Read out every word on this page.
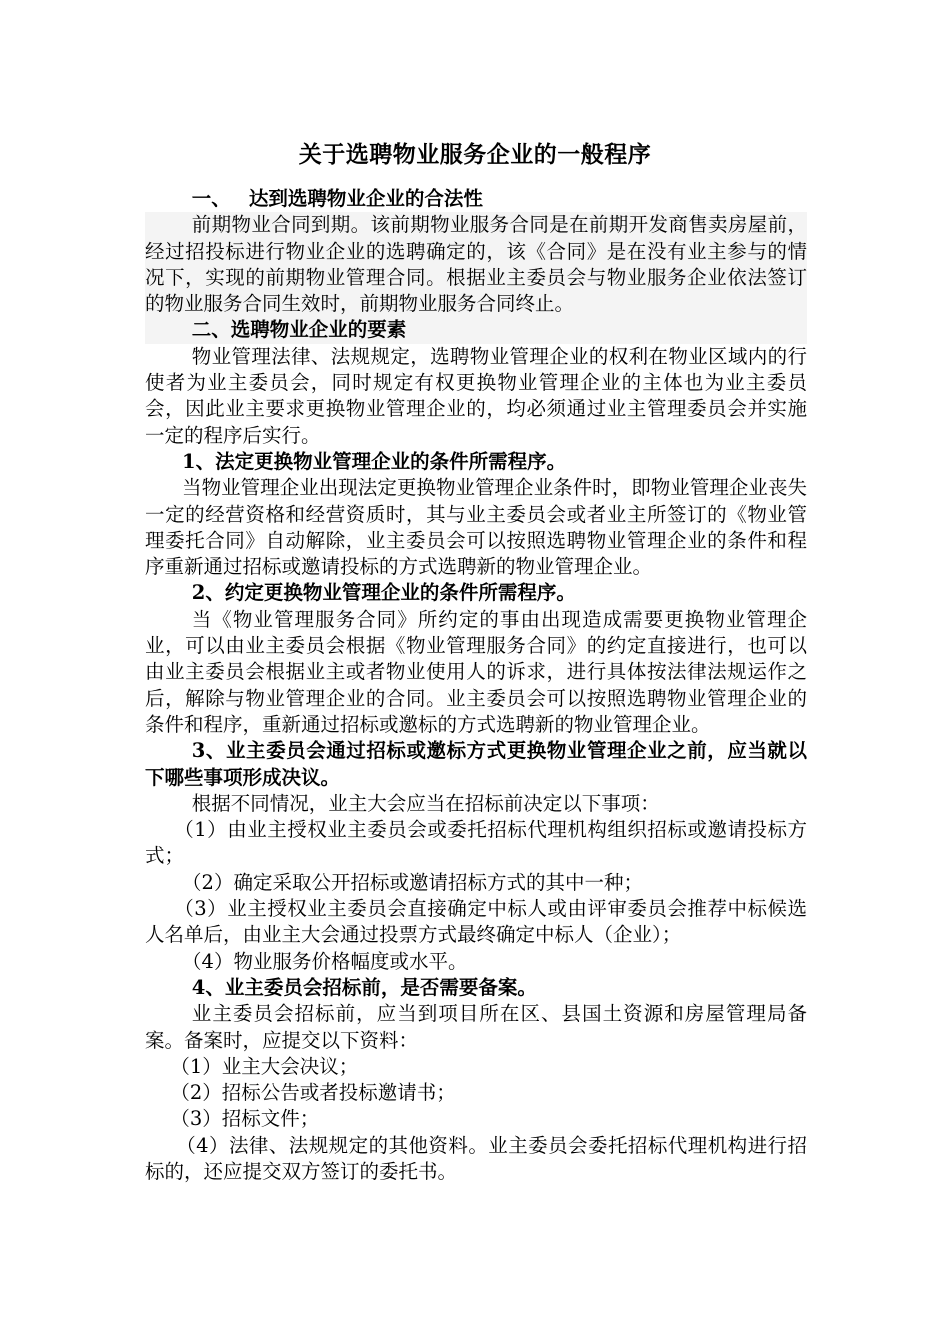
关于选聘物业服务企业的一般程序

一、 达到选聘物业企业的合法性

前期物业合同到期。该前期物业服务合同是在前期开发商售卖房屋前，经过招投标进行物业企业的选聘确定的，该《合同》是在没有业主参与的情况下，实现的前期物业管理合同。根据业主委员会与物业服务企业依法签订的物业服务合同生效时，前期物业服务合同终止。

二、选聘物业企业的要素

物业管理法律、法规规定，选聘物业管理企业的权利在物业区域内的行使者为业主委员会，同时规定有权更换物业管理企业的主体也为业主委员会，因此业主要求更换物业管理企业的，均必须通过业主管理委员会并实施一定的程序后实行。

1、法定更换物业管理企业的条件所需程序。

当物业管理企业出现法定更换物业管理企业条件时，即物业管理企业丧失一定的经营资格和经营资质时，其与业主委员会或者业主所签订的《物业管理委托合同》自动解除，业主委员会可以按照选聘物业管理企业的条件和程序重新通过招标或邀请投标的方式选聘新的物业管理企业。

2、约定更换物业管理企业的条件所需程序。

当《物业管理服务合同》所约定的事由出现造成需要更换物业管理企业，可以由业主委员会根据《物业管理服务合同》的约定直接进行，也可以由业主委员会根据业主或者物业使用人的诉求，进行具体按法律法规运作之后，解除与物业管理企业的合同。业主委员会可以按照选聘物业管理企业的条件和程序，重新通过招标或邀标的方式选聘新的物业管理企业。

3、业主委员会通过招标或邀标方式更换物业管理企业之前，应当就以下哪些事项形成决议。

根据不同情况，业主大会应当在招标前决定以下事项：

（1）由业主授权业主委员会或委托招标代理机构组织招标或邀请投标方式；

（2）确定采取公开招标或邀请招标方式的其中一种；

（3）业主授权业主委员会直接确定中标人或由评审委员会推荐中标候选人名单后，由业主大会通过投票方式最终确定中标人（企业）；

（4）物业服务价格幅度或水平。

4、业主委员会招标前，是否需要备案。

业主委员会招标前，应当到项目所在区、县国土资源和房屋管理局备案。备案时，应提交以下资料：

（1）业主大会决议；

（2）招标公告或者投标邀请书；

（3）招标文件；

（4）法律、法规规定的其他资料。业主委员会委托招标代理机构进行招标的，还应提交双方签订的委托书。
